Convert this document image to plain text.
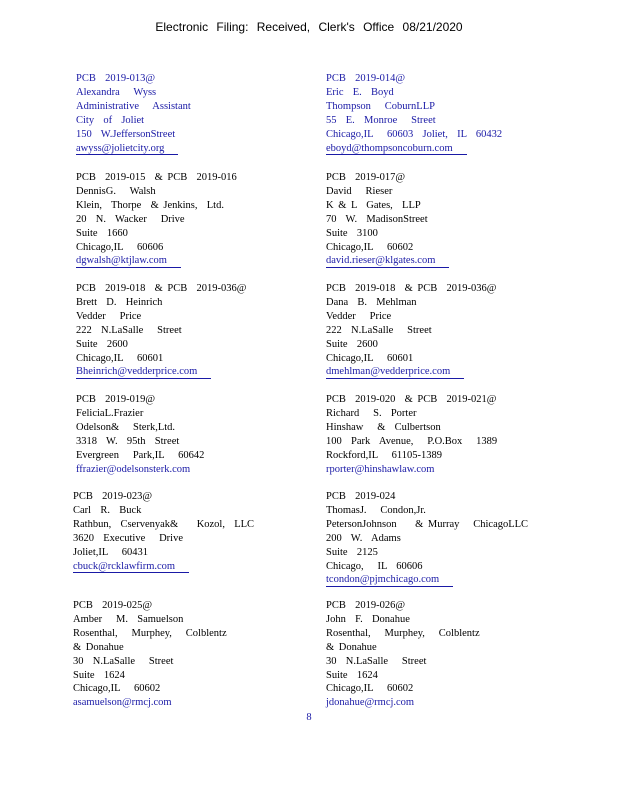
Electronic Filing: Received, Clerk's Office 08/21/2020
PCB  2019-013@
Alexandra   Wyss
Administrative   Assistant
City  of  Joliet
150  W.JeffersonStreet
awyss@jolietcity.org
PCB  2019-014@
Eric  E.  Boyd
Thompson   CoburnLLP
55  E.  Monroe   Street
Chicago,IL   60603  Joliet,  IL  60432
eboyd@thompsoncoburn.com
PCB  2019-015  & PCB  2019-016
DennisG.   Walsh
Klein,  Thorpe  & Jenkins,  Ltd.
20  N.  Wacker   Drive
Suite  1660
Chicago,IL   60606
dgwalsh@ktjlaw.com
PCB  2019-017@
David   Rieser
K & L  Gates,  LLP
70  W.  MadisonStreet
Suite  3100
Chicago,IL   60602
david.rieser@klgates.com
PCB  2019-018  & PCB  2019-036@
Brett  D.  Heinrich
Vedder   Price
222  N.LaSalle   Street
Suite  2600
Chicago,IL   60601
Bheinrich@vedderprice.com
PCB  2019-018  & PCB  2019-036@
Dana  B.  Mehlman
Vedder   Price
222  N.LaSalle   Street
Suite  2600
Chicago,IL   60601
dmehlman@vedderprice.com
PCB  2019-019@
FeliciaL.Frazier
Odelson&   Sterk,Ltd.
3318  W.  95th  Street
Evergreen   Park,IL   60642
ffrazier@odelsonsterk.com
PCB  2019-020  & PCB  2019-021@
Richard   S.  Porter
Hinshaw   &  Culbertson
100  Park  Avenue,   P.O.Box   1389
Rockford,IL   61105-1389
rporter@hinshawlaw.com
PCB  2019-023@
Carl  R.  Buck
Rathbun,  Cservenyak&    Kozol,  LLC
3620  Executive   Drive
Joliet,IL   60431
cbuck@rcklawfirm.com
PCB  2019-024
ThomasJ.   Condon,Jr.
PetersonJohnson    & Murray   ChicagoLLC
200  W.  Adams
Suite  2125
Chicago,   IL  60606
tcondon@pjmchicago.com
PCB  2019-025@
Amber   M.  Samuelson
Rosenthal,   Murphey,   Colblentz
& Donahue
30  N.LaSalle   Street
Suite  1624
Chicago,IL   60602
asamuelson@rmcj.com
PCB  2019-026@
John  F.  Donahue
Rosenthal,   Murphey,   Colblentz
& Donahue
30  N.LaSalle   Street
Suite  1624
Chicago,IL   60602
jdonahue@rmcj.com
8
